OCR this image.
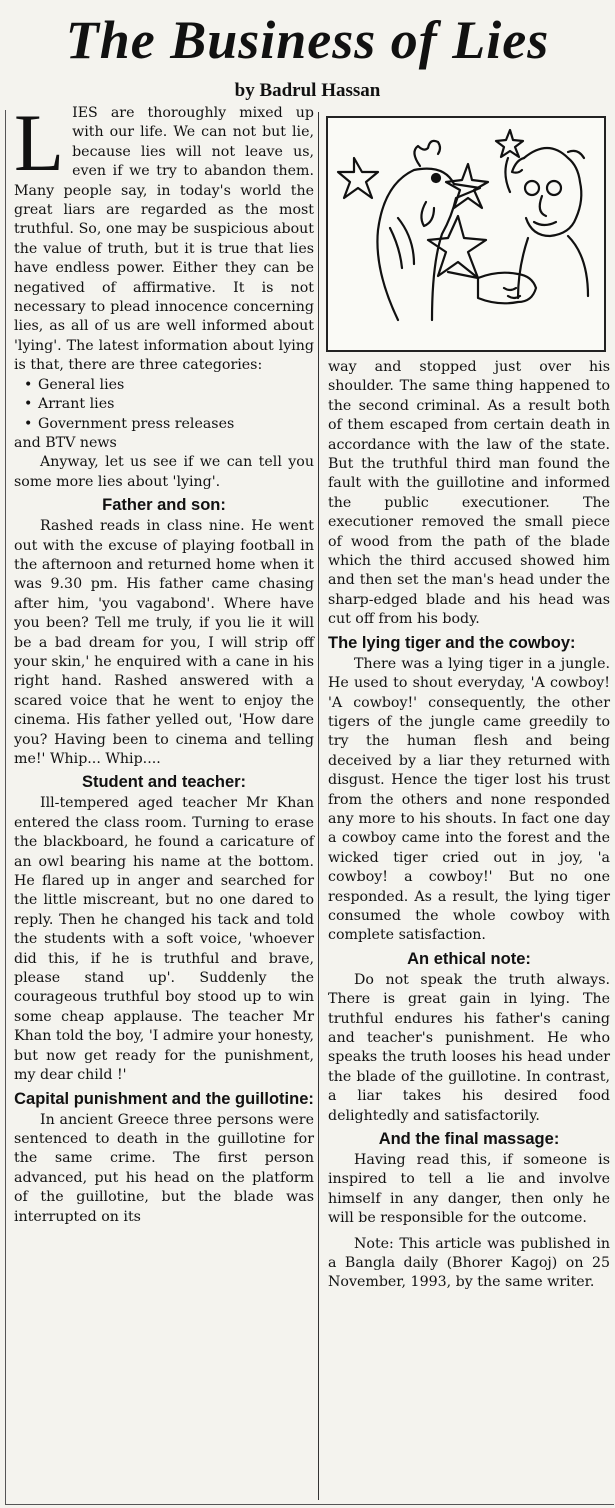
The Business of Lies
by Badrul Hassan

LIES are thoroughly mixed up with our life. We can not but lie, because lies will not leave us, even if we try to abandon them. Many people say, in today's world the great liars are regarded as the most truthful. So, one may be suspicious about the value of truth, but it is true that lies have endless power. Either they can be negatived of affirmative. It is not necessary to plead innocence concerning lies, as all of us are well informed about 'lying'. The latest information about lying is that, there are three categories:

• General lies
• Arrant lies
• Government press releases

and BTV news

Anyway, let us see if we can tell you some more lies about 'lying'.

Father and son:

Rashed reads in class nine. He went out with the excuse of playing football in the afternoon and returned home when it was 9.30 pm. His father came chasing after him, 'you vagabond'. Where have you been? Tell me truly, if you lie it will be a bad dream for you, I will strip off your skin,' he enquired with a cane in his right hand. Rashed answered with a scared voice that he went to enjoy the cinema. His father yelled out, 'How dare you? Having been to cinema and telling me!' Whip... Whip....

Student and teacher:

Ill-tempered aged teacher Mr Khan entered the class room. Turning to erase the blackboard, he found a caricature of an owl bearing his name at the bottom. He flared up in anger and searched for the little miscreant, but no one dared to reply. Then he changed his tack and told the students with a soft voice, 'whoever did this, if he is truthful and brave, please stand up'. Suddenly the courageous truthful boy stood up to win some cheap applause. The teacher Mr Khan told the boy, 'I admire your honesty, but now get ready for the punishment, my dear child !'

Capital punishment and the guillotine:

In ancient Greece three persons were sentenced to death in the guillotine for the same crime. The first person advanced, put his head on the platform of the guillotine, but the blade was interrupted on its

way and stopped just over his shoulder. The same thing happened to the second criminal. As a result both of them escaped from certain death in accordance with the law of the state. But the truthful third man found the fault with the guillotine and informed the public executioner. The executioner removed the small piece of wood from the path of the blade which the third accused showed him and then set the man's head under the sharp-edged blade and his head was cut off from his body.

The lying tiger and the cowboy:

There was a lying tiger in a jungle. He used to shout everyday, 'A cowboy! 'A cowboy!' consequently, the other tigers of the jungle came greedily to try the human flesh and being deceived by a liar they returned with disgust. Hence the tiger lost his trust from the others and none responded any more to his shouts. In fact one day a cowboy came into the forest and the wicked tiger cried out in joy, 'a cowboy! a cowboy!' But no one responded. As a result, the lying tiger consumed the whole cowboy with complete satisfaction.

An ethical note:

Do not speak the truth always. There is great gain in lying. The truthful endures his father's caning and teacher's punishment. He who speaks the truth looses his head under the blade of the guillotine. In contrast, a liar takes his desired food delightedly and satisfactorily.

And the final massage:

Having read this, if someone is inspired to tell a lie and involve himself in any danger, then only he will be responsible for the outcome.

Note: This article was published in a Bangla daily (Bhorer Kagoj) on 25 November, 1993, by the same writer.
